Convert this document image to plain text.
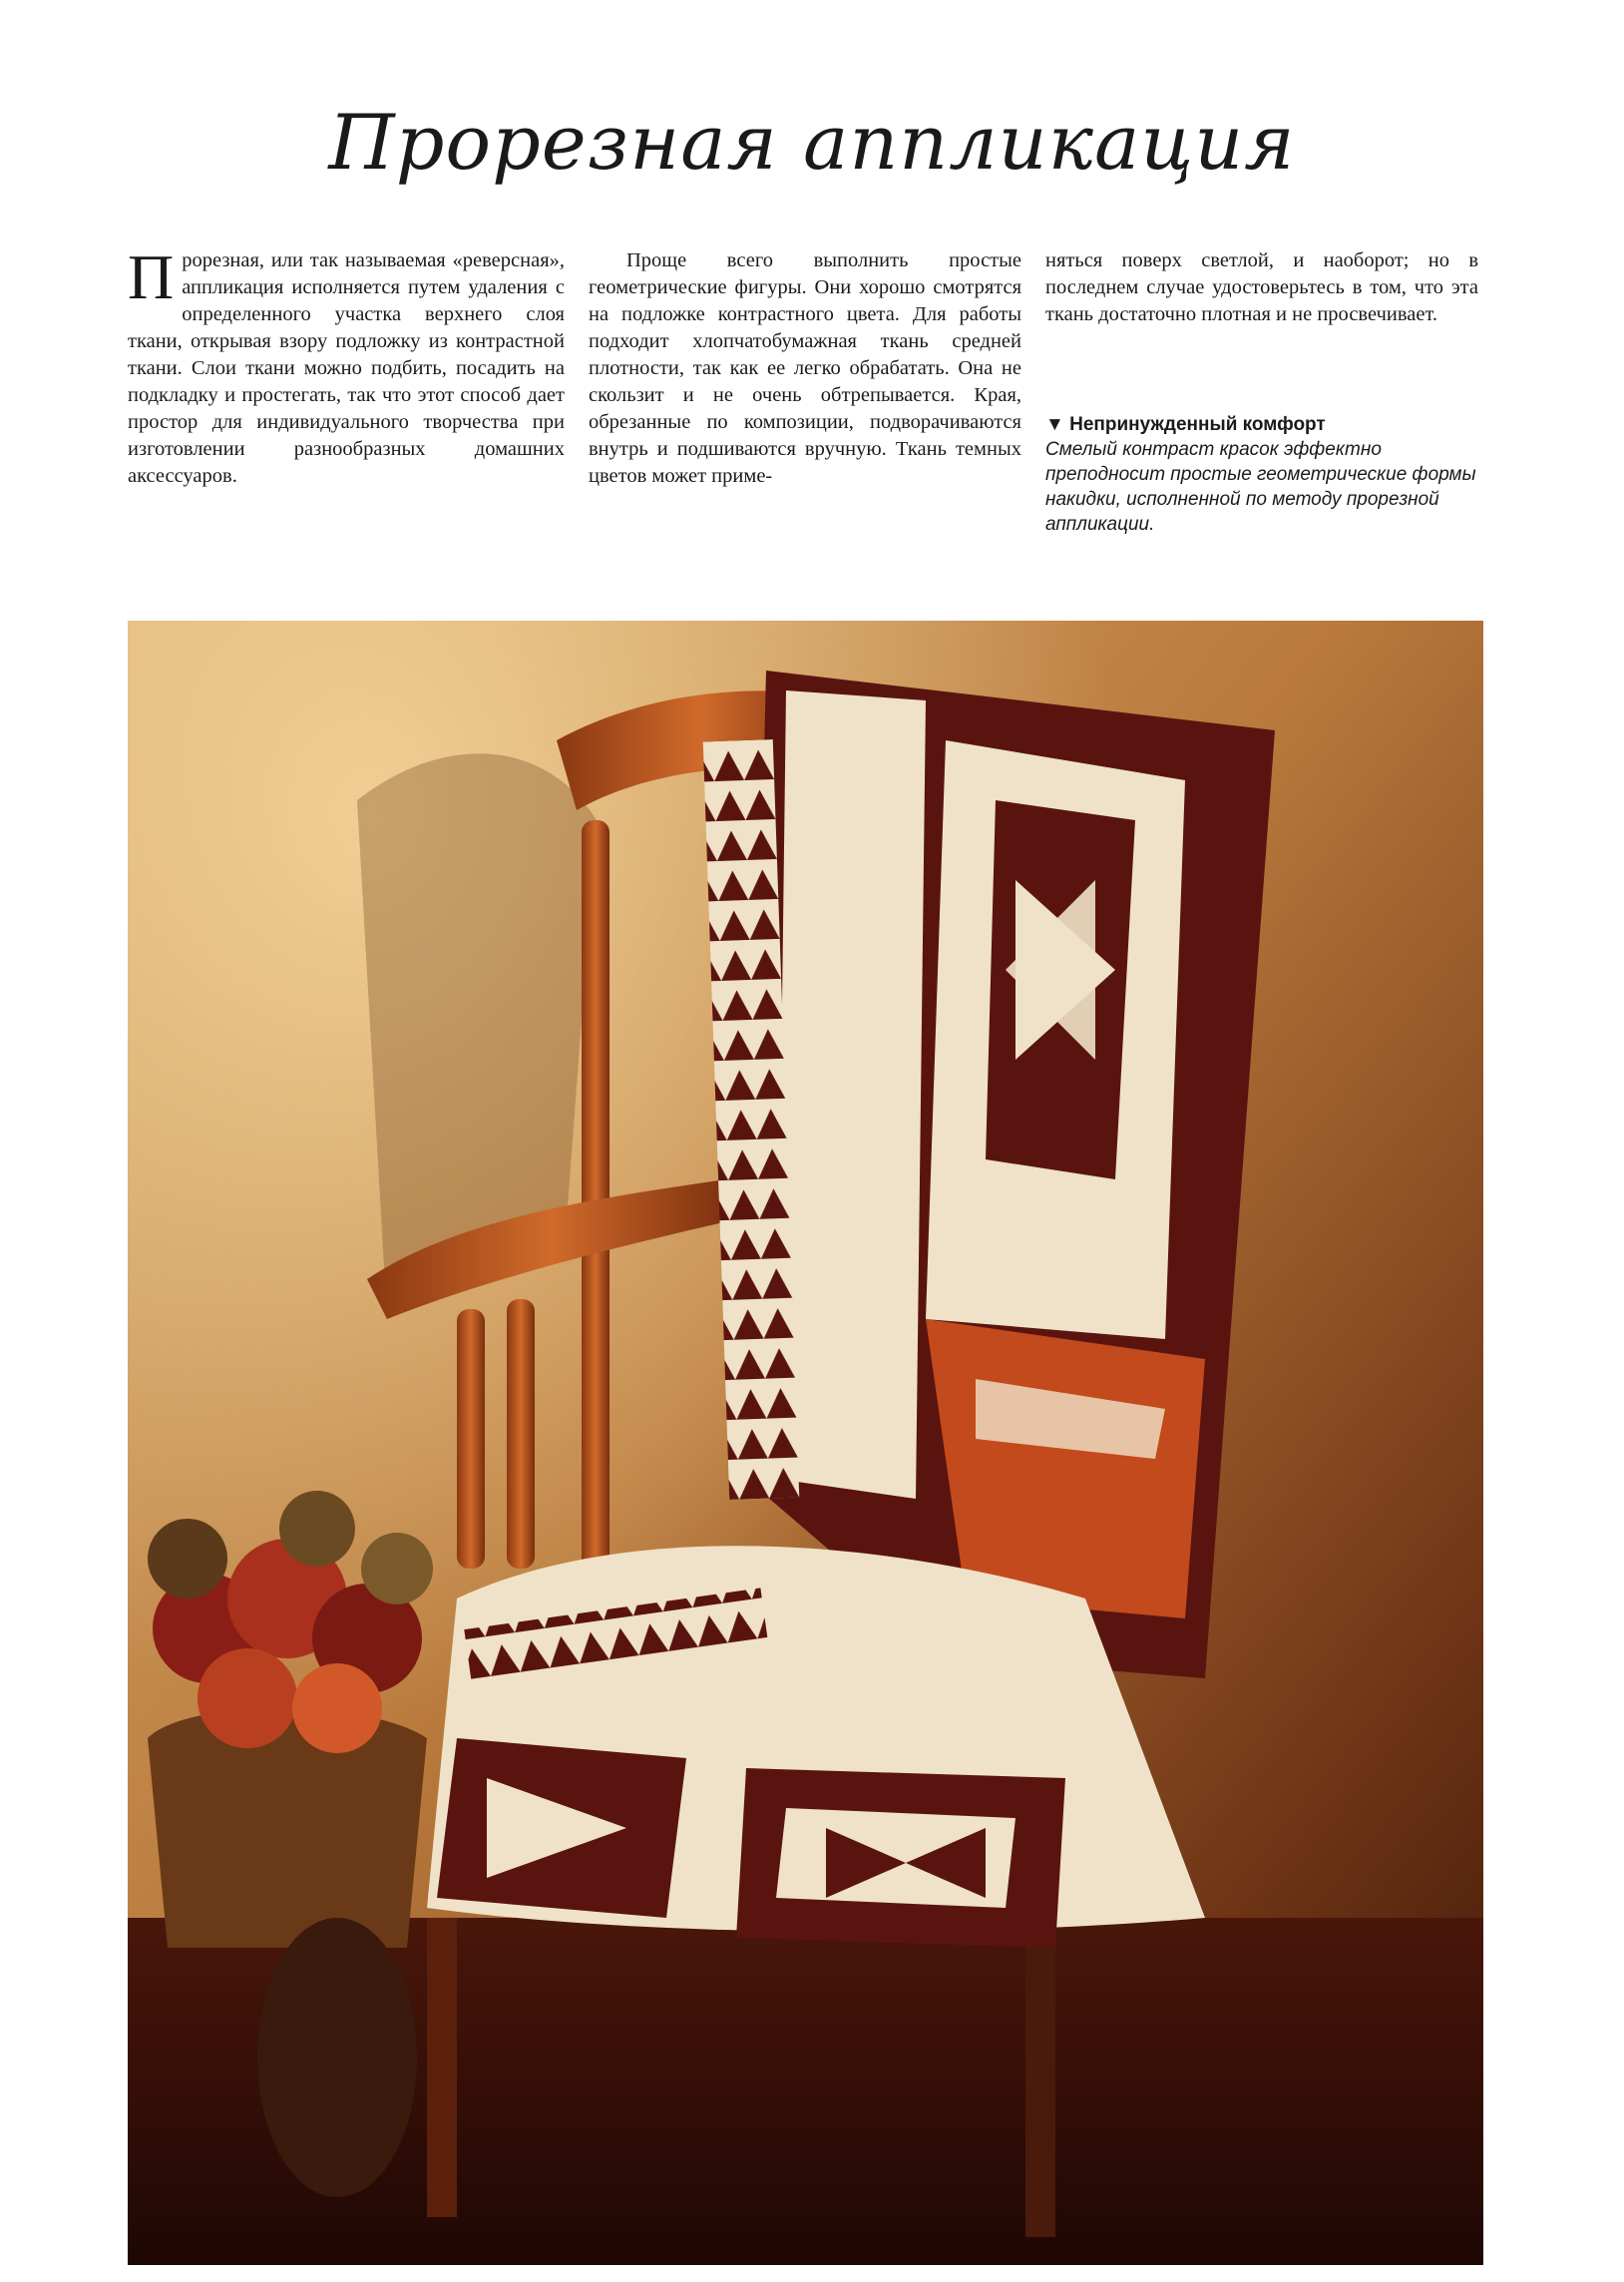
Прорезная аппликация
П рорезная, или так называемая «реверсная», аппликация исполняется путем удаления с определенного участка верхнего слоя ткани, открывая взору подложку из контрастной ткани. Слои ткани можно подбить, посадить на подкладку и простегать, так что этот способ дает простор для индивидуального творчества при изготовлении разнообразных домашних аксессуаров.

Проще всего выполнить простые геометрические фигуры. Они хорошо смотрятся на подложке контрастного цвета. Для работы подходит хлопчатобумажная ткань средней плотности, так как ее легко обрабатать. Она не скользит и не очень обтрепывается. Края, обрезанные по композиции, подворачиваются внутрь и подшиваются вручную. Ткань темных цветов может приме-

няться поверх светлой, и наоборот; но в последнем случае удостоверьтесь в том, что эта ткань достаточно плотная и не просвечивает.

▼ Непринужденный комфорт
Смелый контраст красок эффектно преподносит простые геометрические формы накидки, исполненной по методу прорезной аппликации.
